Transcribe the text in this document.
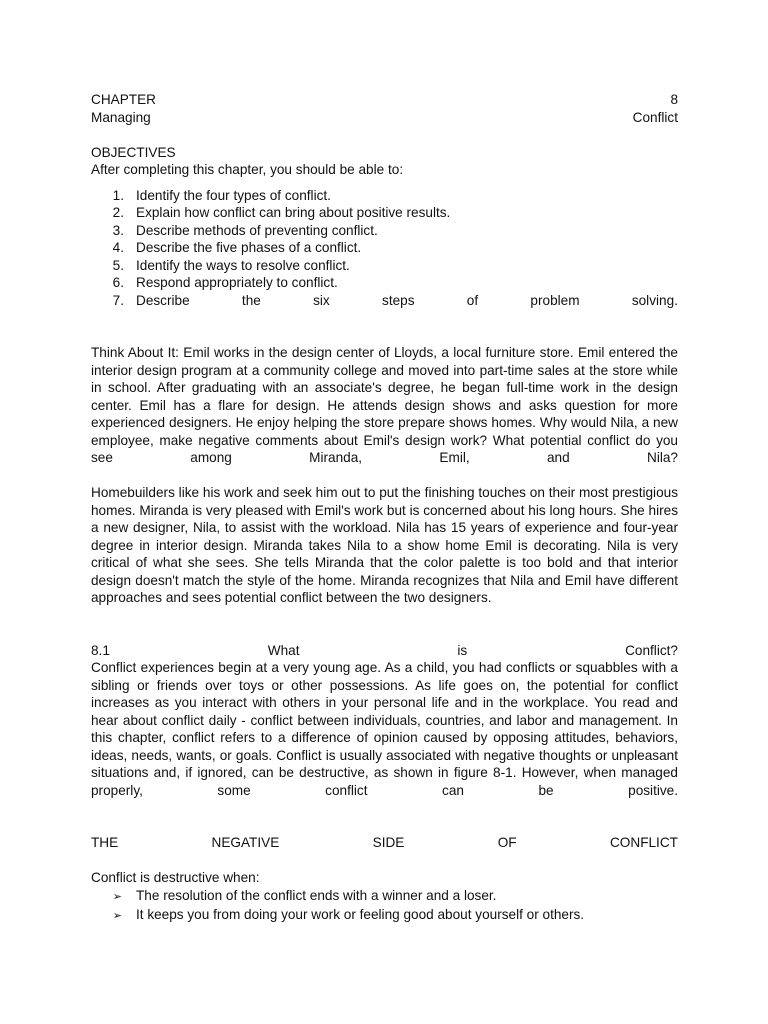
CHAPTER	8
Managing	Conflict
OBJECTIVES
After completing this chapter, you should be able to:
1. Identify the four types of conflict.
2. Explain how conflict can bring about positive results.
3. Describe methods of preventing conflict.
4. Describe the five phases of a conflict.
5. Identify the ways to resolve conflict.
6. Respond appropriately to conflict.
7. Describe	the	six	steps	of	problem	solving.

Think About It: Emil works in the design center of Lloyds, a local furniture store. Emil entered the interior design program at a community college and moved into part-time sales at the store while in school. After graduating with an associate's degree, he began full-time work in the design center. Emil has a flare for design. He attends design shows and asks question for more experienced designers. He enjoy helping the store prepare shows homes. Why would Nila, a new employee, make negative comments about Emil's design work? What potential conflict do you see among Miranda, Emil, and Nila?

Homebuilders like his work and seek him out to put the finishing touches on their most prestigious homes. Miranda is very pleased with Emil's work but is concerned about his long hours. She hires a new designer, Nila, to assist with the workload. Nila has 15 years of experience and four-year degree in interior design. Miranda takes Nila to a show home Emil is decorating. Nila is very critical of what she sees. She tells Miranda that the color palette is too bold and that interior design doesn't match the style of the home. Miranda recognizes that Nila and Emil have different approaches and sees potential conflict between the two designers.

8.1	What	is	Conflict?

Conflict experiences begin at a very young age. As a child, you had conflicts or squabbles with a sibling or friends over toys or other possessions. As life goes on, the potential for conflict increases as you interact with others in your personal life and in the workplace. You read and hear about conflict daily - conflict between individuals, countries, and labor and management. In this chapter, conflict refers to a difference of opinion caused by opposing attitudes, behaviors, ideas, needs, wants, or goals. Conflict is usually associated with negative thoughts or unpleasant situations and, if ignored, can be destructive, as shown in figure 8-1. However, when managed properly, some conflict can be positive.

THE	NEGATIVE	SIDE	OF	CONFLICT
Conflict is destructive when:
➢	The resolution of the conflict ends with a winner and a loser.
➢	It keeps you from doing your work or feeling good about yourself or others.
